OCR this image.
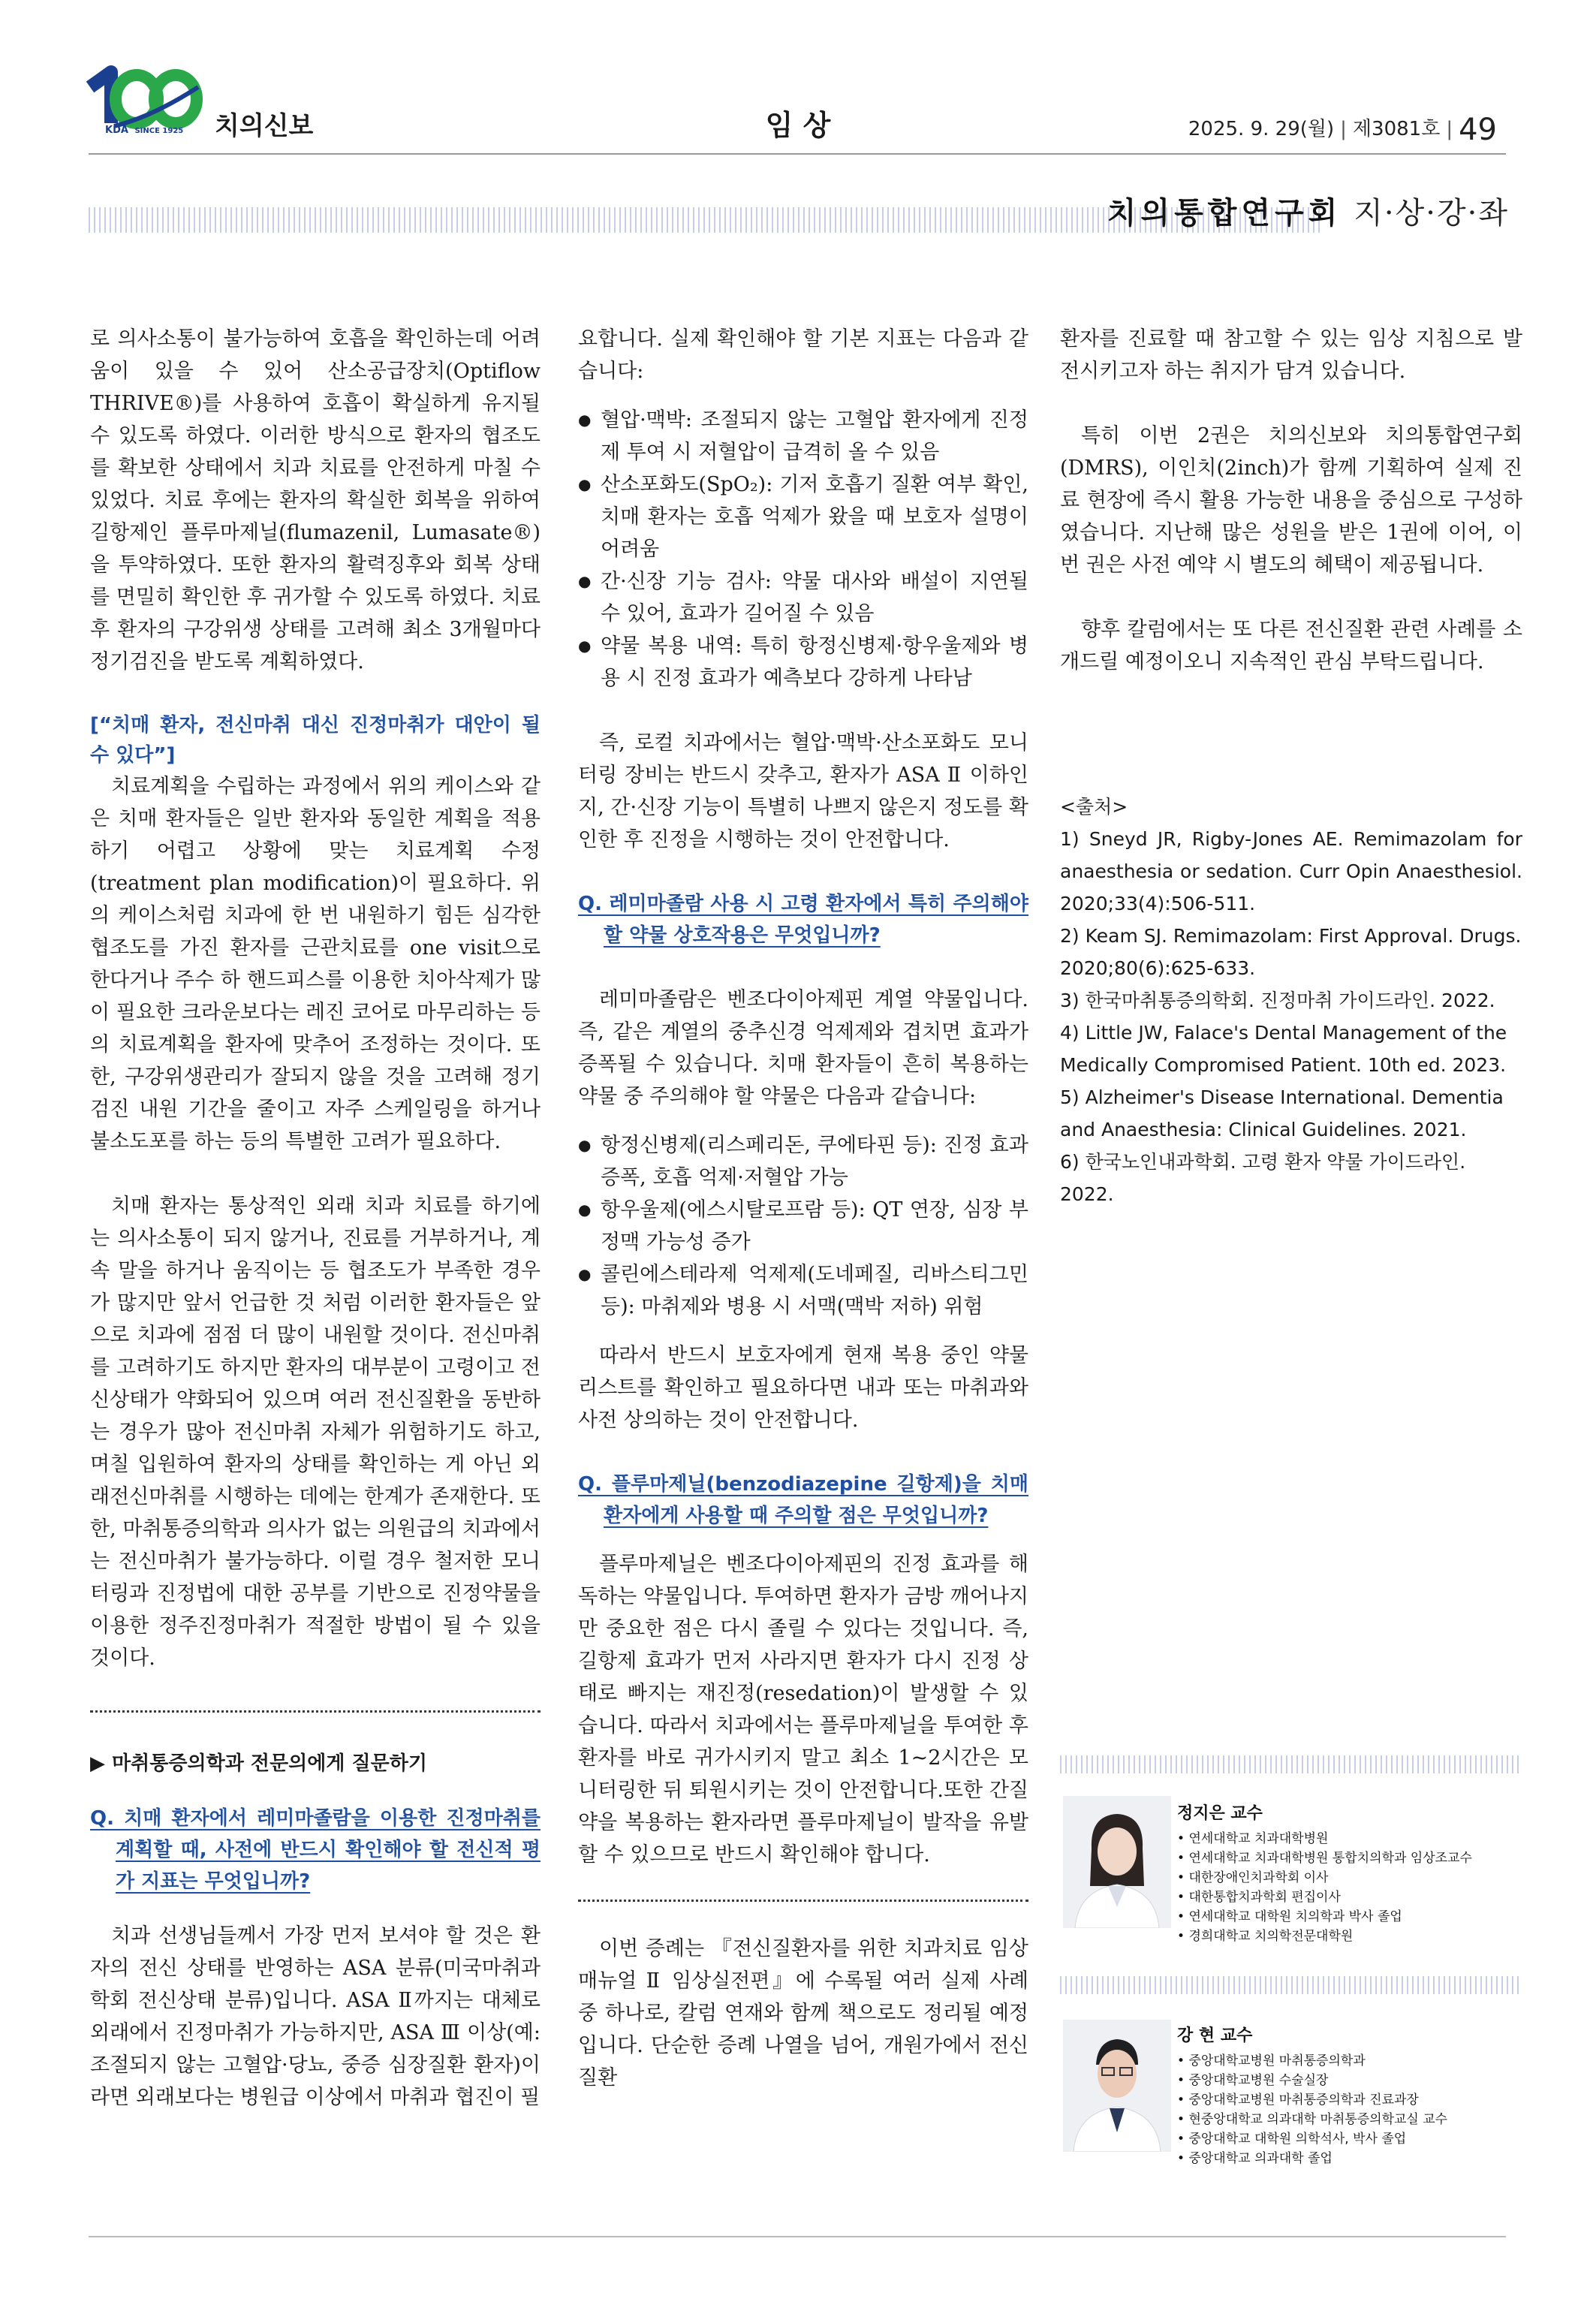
KDA SINCE 1925 치의신보	임 상	2025. 9. 29(월) | 제3081호 | 49
치의통합연구회 지·상·강·좌

로 의사소통이 불가능하여 호흡을 확인하는데 어려움이 있을 수 있어 산소공급장치(Optiflow THRIVE®)를 사용하여 호흡이 확실하게 유지될 수 있도록 하였다. 이러한 방식으로 환자의 협조도를 확보한 상태에서 치과 치료를 안전하게 마칠 수 있었다. 치료 후에는 환자의 확실한 회복을 위하여 길항제인 플루마제닐(flumazenil, Lumasate®)을 투약하였다. 또한 환자의 활력징후와 회복 상태를 면밀히 확인한 후 귀가할 수 있도록 하였다. 치료 후 환자의 구강위생 상태를 고려해 최소 3개월마다 정기검진을 받도록 계획하였다.

[“치매 환자, 전신마취 대신 진정마취가 대안이 될 수 있다”]

치료계획을 수립하는 과정에서 위의 케이스와 같은 치매 환자들은 일반 환자와 동일한 계획을 적용하기 어렵고 상황에 맞는 치료계획 수정(treatment plan modification)이 필요하다. 위의 케이스처럼 치과에 한 번 내원하기 힘든 심각한 협조도를 가진 환자를 근관치료를 one visit으로 한다거나 주수 하 핸드피스를 이용한 치아삭제가 많이 필요한 크라운보다는 레진 코어로 마무리하는 등의 치료계획을 환자에 맞추어 조정하는 것이다. 또한, 구강위생관리가 잘되지 않을 것을 고려해 정기 검진 내원 기간을 줄이고 자주 스케일링을 하거나 불소도포를 하는 등의 특별한 고려가 필요하다.

치매 환자는 통상적인 외래 치과 치료를 하기에는 의사소통이 되지 않거나, 진료를 거부하거나, 계속 말을 하거나 움직이는 등 협조도가 부족한 경우가 많지만 앞서 언급한 것 처럼 이러한 환자들은 앞으로 치과에 점점 더 많이 내원할 것이다. 전신마취를 고려하기도 하지만 환자의 대부분이 고령이고 전신상태가 약화되어 있으며 여러 전신질환을 동반하는 경우가 많아 전신마취 자체가 위험하기도 하고, 며칠 입원하여 환자의 상태를 확인하는 게 아닌 외래전신마취를 시행하는 데에는 한계가 존재한다. 또한, 마취통증의학과 의사가 없는 의원급의 치과에서는 전신마취가 불가능하다. 이럴 경우 철저한 모니터링과 진정법에 대한 공부를 기반으로 진정약물을 이용한 정주진정마취가 적절한 방법이 될 수 있을 것이다.

▶ 마취통증의학과 전문의에게 질문하기

Q. 치매 환자에서 레미마졸람을 이용한 진정마취를 계획할 때, 사전에 반드시 확인해야 할 전신적 평가 지표는 무엇입니까?

치과 선생님들께서 가장 먼저 보셔야 할 것은 환자의 전신 상태를 반영하는 ASA 분류(미국마취과학회 전신상태 분류)입니다. ASA Ⅱ까지는 대체로 외래에서 진정마취가 가능하지만, ASA Ⅲ 이상(예: 조절되지 않는 고혈압·당뇨, 중증 심장질환 환자)이라면 외래보다는 병원급 이상에서 마취과 협진이 필

요합니다. 실제 확인해야 할 기본 지표는 다음과 같습니다:

● 혈압·맥박: 조절되지 않는 고혈압 환자에게 진정제 투여 시 저혈압이 급격히 올 수 있음
● 산소포화도(SpO₂): 기저 호흡기 질환 여부 확인, 치매 환자는 호흡 억제가 왔을 때 보호자 설명이 어려움
● 간·신장 기능 검사: 약물 대사와 배설이 지연될 수 있어, 효과가 길어질 수 있음
● 약물 복용 내역: 특히 항정신병제·항우울제와 병용 시 진정 효과가 예측보다 강하게 나타남

즉, 로컬 치과에서는 혈압·맥박·산소포화도 모니터링 장비는 반드시 갖추고, 환자가 ASA Ⅱ 이하인지, 간·신장 기능이 특별히 나쁘지 않은지 정도를 확인한 후 진정을 시행하는 것이 안전합니다.

Q. 레미마졸람 사용 시 고령 환자에서 특히 주의해야 할 약물 상호작용은 무엇입니까?

레미마졸람은 벤조다이아제핀 계열 약물입니다. 즉, 같은 계열의 중추신경 억제제와 겹치면 효과가 증폭될 수 있습니다. 치매 환자들이 흔히 복용하는 약물 중 주의해야 할 약물은 다음과 같습니다:

● 항정신병제(리스페리돈, 쿠에타핀 등): 진정 효과 증폭, 호흡 억제·저혈압 가능
● 항우울제(에스시탈로프람 등): QT 연장, 심장 부정맥 가능성 증가
● 콜린에스테라제 억제제(도네페질, 리바스티그민 등): 마취제와 병용 시 서맥(맥박 저하) 위험

따라서 반드시 보호자에게 현재 복용 중인 약물 리스트를 확인하고 필요하다면 내과 또는 마취과와 사전 상의하는 것이 안전합니다.

Q. 플루마제닐(benzodiazepine 길항제)을 치매 환자에게 사용할 때 주의할 점은 무엇입니까?

플루마제닐은 벤조다이아제핀의 진정 효과를 해독하는 약물입니다. 투여하면 환자가 금방 깨어나지만 중요한 점은 다시 졸릴 수 있다는 것입니다. 즉, 길항제 효과가 먼저 사라지면 환자가 다시 진정 상태로 빠지는 재진정(resedation)이 발생할 수 있습니다. 따라서 치과에서는 플루마제닐을 투여한 후 환자를 바로 귀가시키지 말고 최소 1~2시간은 모니터링한 뒤 퇴원시키는 것이 안전합니다.또한 간질약을 복용하는 환자라면 플루마제닐이 발작을 유발할 수 있으므로 반드시 확인해야 합니다.

이번 증례는 『전신질환자를 위한 치과치료 임상매뉴얼 Ⅱ 임상실전편』에 수록될 여러 실제 사례 중 하나로, 칼럼 연재와 함께 책으로도 정리될 예정입니다. 단순한 증례 나열을 넘어, 개원가에서 전신질환

환자를 진료할 때 참고할 수 있는 임상 지침으로 발전시키고자 하는 취지가 담겨 있습니다.

특히 이번 2권은 치의신보와 치의통합연구회(DMRS), 이인치(2inch)가 함께 기획하여 실제 진료 현장에 즉시 활용 가능한 내용을 중심으로 구성하였습니다. 지난해 많은 성원을 받은 1권에 이어, 이번 권은 사전 예약 시 별도의 혜택이 제공됩니다.

향후 칼럼에서는 또 다른 전신질환 관련 사례를 소개드릴 예정이오니 지속적인 관심 부탁드립니다.

<출처>
1) Sneyd JR, Rigby-Jones AE. Remimazolam for anaesthesia or sedation. Curr Opin Anaesthesiol. 2020;33(4):506-511.
2) Keam SJ. Remimazolam: First Approval. Drugs. 2020;80(6):625-633.
3) 한국마취통증의학회. 진정마취 가이드라인. 2022.
4) Little JW, Falace's Dental Management of the Medically Compromised Patient. 10th ed. 2023.
5) Alzheimer's Disease International. Dementia and Anaesthesia: Clinical Guidelines. 2021.
6) 한국노인내과학회. 고령 환자 약물 가이드라인. 2022.
정지은 교수
• 연세대학교 치과대학병원
• 연세대학교 치과대학병원 통합치의학과 임상조교수
• 대한장애인치과학회 이사
• 대한통합치과학회 편집이사
• 연세대학교 대학원 치의학과 박사 졸업
• 경희대학교 치의학전문대학원
강 현 교수
• 중앙대학교병원 마취통증의학과
• 중앙대학교병원 수술실장
• 중앙대학교병원 마취통증의학과 진료과장
• 현중앙대학교 의과대학 마취통증의학교실 교수
• 중앙대학교 대학원 의학석사, 박사 졸업
• 중앙대학교 의과대학 졸업
